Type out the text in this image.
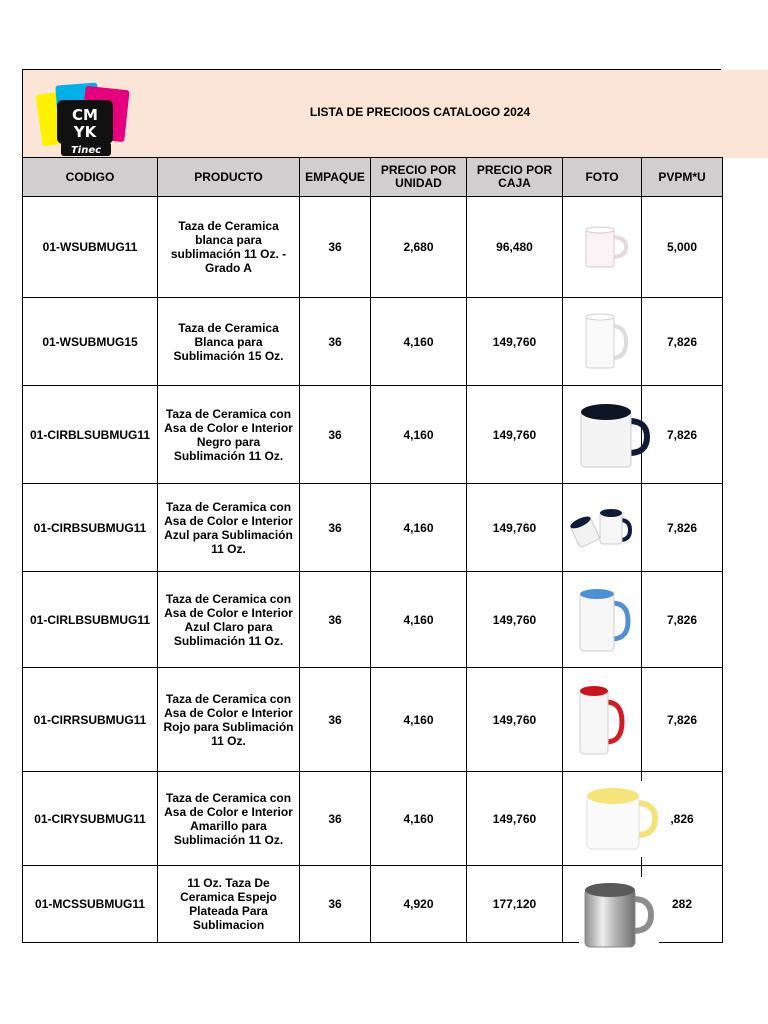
CM
YK
Tinec
LISTA DE PRECIOOS CATALOGO 2024
CODIGO	PRODUCTO	EMPAQUE	PRECIO POR UNIDAD	PRECIO POR CAJA	FOTO	PVPM*U
01-WSUBMUG11	Taza de Ceramica blanca para sublimación 11 Oz. - Grado A	36	2,680	96,480		5,000
01-WSUBMUG15	Taza de Ceramica Blanca para Sublimación 15 Oz.	36	4,160	149,760		7,826
01-CIRBLSUBMUG11	Taza de Ceramica con Asa de Color e Interior Negro para Sublimación 11 Oz.	36	4,160	149,760		7,826
01-CIRBSUBMUG11	Taza de Ceramica con Asa de Color e Interior Azul para Sublimación 11 Oz.	36	4,160	149,760		7,826
01-CIRLBSUBMUG11	Taza de Ceramica con Asa de Color e Interior Azul Claro para Sublimación 11 Oz.	36	4,160	149,760		7,826
01-CIRRSUBMUG11	Taza de Ceramica con Asa de Color e Interior Rojo para Sublimación 11 Oz.	36	4,160	149,760		7,826
01-CIRYSUBMUG11	Taza de Ceramica con Asa de Color e Interior Amarillo para Sublimación 11 Oz.	36	4,160	149,760		,826
01-MCSSUBMUG11	11 Oz. Taza De Ceramica Espejo Plateada Para Sublimacion	36	4,920	177,120		282
